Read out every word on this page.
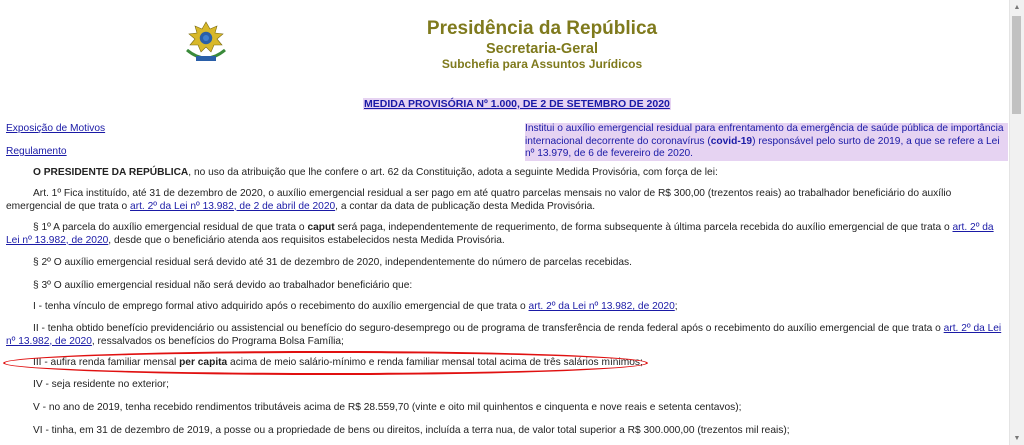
Presidência da República
Secretaria-Geral
Subchefia para Assuntos Jurídicos
MEDIDA PROVISÓRIA Nº 1.000, DE 2 DE SETEMBRO DE 2020
Exposição de Motivos
Regulamento
Institui o auxílio emergencial residual para enfrentamento da emergência de saúde pública de importância internacional decorrente do coronavírus (covid-19) responsável pelo surto de 2019, a que se refere a Lei nº 13.979, de 6 de fevereiro de 2020.
O PRESIDENTE DA REPÚBLICA, no uso da atribuição que lhe confere o art. 62 da Constituição, adota a seguinte Medida Provisória, com força de lei:
Art. 1º Fica instituído, até 31 de dezembro de 2020, o auxílio emergencial residual a ser pago em até quatro parcelas mensais no valor de R$ 300,00 (trezentos reais) ao trabalhador beneficiário do auxílio emergencial de que trata o art. 2º da Lei nº 13.982, de 2 de abril de 2020, a contar da data de publicação desta Medida Provisória.
§ 1º A parcela do auxílio emergencial residual de que trata o caput será paga, independentemente de requerimento, de forma subsequente à última parcela recebida do auxílio emergencial de que trata o art. 2º da Lei nº 13.982, de 2020, desde que o beneficiário atenda aos requisitos estabelecidos nesta Medida Provisória.
§ 2º O auxílio emergencial residual será devido até 31 de dezembro de 2020, independentemente do número de parcelas recebidas.
§ 3º O auxílio emergencial residual não será devido ao trabalhador beneficiário que:
I - tenha vínculo de emprego formal ativo adquirido após o recebimento do auxílio emergencial de que trata o art. 2º da Lei nº 13.982, de 2020;
II - tenha obtido benefício previdenciário ou assistencial ou benefício do seguro-desemprego ou de programa de transferência de renda federal após o recebimento do auxílio emergencial de que trata o art. 2º da Lei nº 13.982, de 2020, ressalvados os benefícios do Programa Bolsa Família;
III - aufira renda familiar mensal per capita acima de meio salário-mínimo e renda familiar mensal total acima de três salários mínimos;
IV - seja residente no exterior;
V - no ano de 2019, tenha recebido rendimentos tributáveis acima de R$ 28.559,70 (vinte e oito mil quinhentos e cinquenta e nove reais e setenta centavos);
VI - tinha, em 31 de dezembro de 2019, a posse ou a propriedade de bens ou direitos, incluída a terra nua, de valor total superior a R$ 300.000,00 (trezentos mil reais);
▲
▼
